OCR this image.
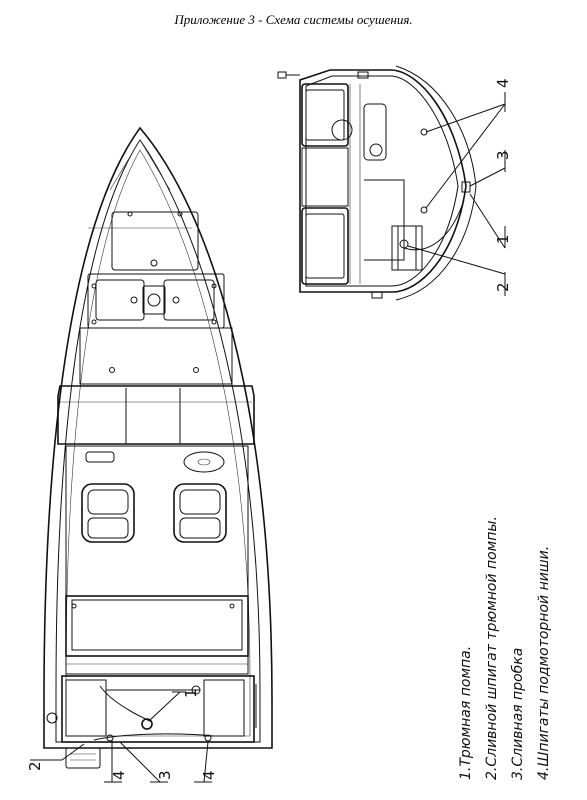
Приложение 3 - Схема системы осушения.
2
4 3 4
1
4
3
1
2
1.Трюмная помпа. 2.Сливной шпигат трюмной помпы. 3.Сливная пробка 4.Шпигаты подмоторной ниши.
